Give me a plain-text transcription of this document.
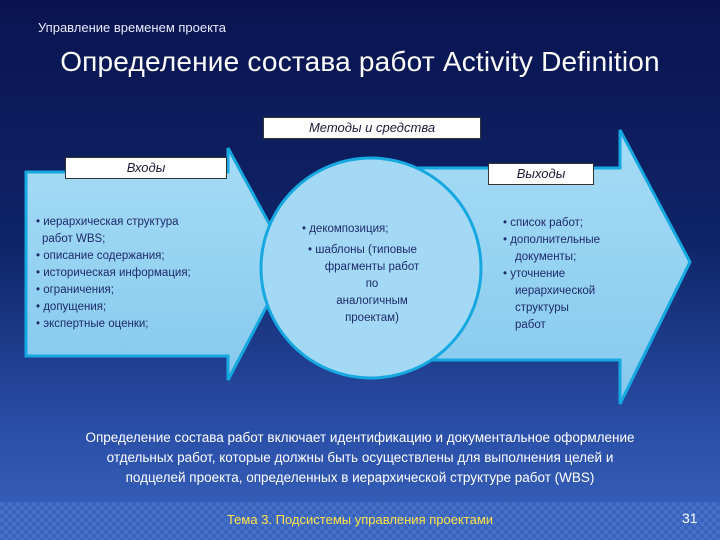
Управление временем проекта
Определение состава работ Activity Definition
Методы и средства
Входы	Выходы
• иерархическая структура
работ WBS;
• описание содержания;
• историческая информация;
• ограничения;
• допущения;
• экспертные оценки;
• декомпозиция;
• шаблоны (типовые
фрагменты работ
по
аналогичным
проектам)
• список работ;
• дополнительные
документы;
• уточнение
иерархической
структуры
работ
Определение состава работ включает идентификацию и документальное оформление
отдельных работ, которые должны быть осуществлены для выполнения целей и
подцелей проекта, определенных в иерархической структуре работ (WBS)
Тема 3. Подсистемы управления проектами	31
